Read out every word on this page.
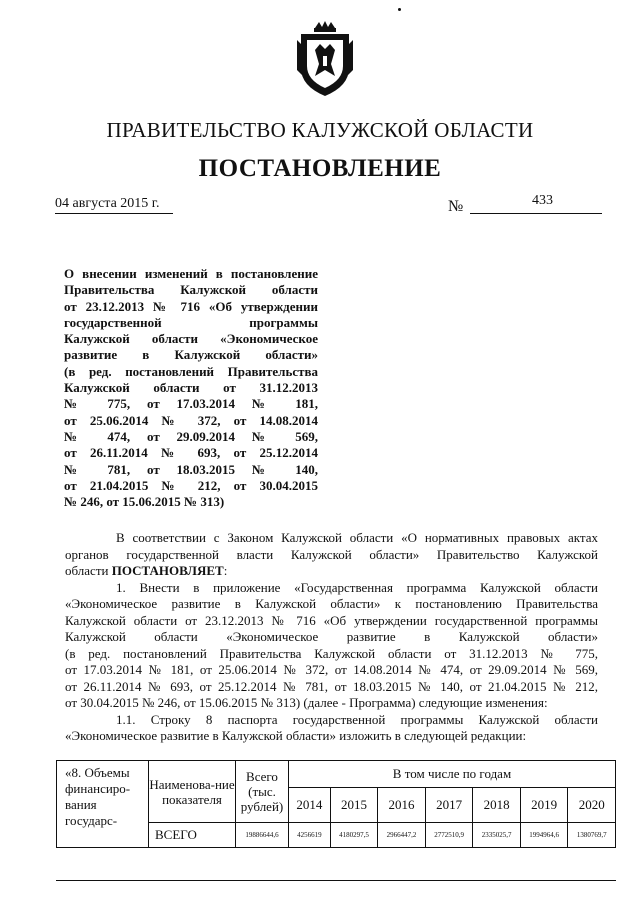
ПРАВИТЕЛЬСТВО КАЛУЖСКОЙ ОБЛАСТИ
ПОСТАНОВЛЕНИЕ
04 августа 2015 г.	№	433
О внесении изменений в постановление
Правительства Калужской области
от 23.12.2013 № 716 «Об утверждении
государственной программы
Калужской области «Экономическое
развитие в Калужской области»
(в ред. постановлений Правительства
Калужской области от 31.12.2013
№ 775, от 17.03.2014 № 181,
от 25.06.2014 № 372, от 14.08.2014
№ 474, от 29.09.2014 № 569,
от 26.11.2014 № 693, от 25.12.2014
№ 781, от 18.03.2015 № 140,
от 21.04.2015 № 212, от 30.04.2015
№ 246, от 15.06.2015 № 313)
В соответствии с Законом Калужской области «О нормативных правовых актах
органов государственной власти Калужской области» Правительство Калужской
области ПОСТАНОВЛЯЕТ:
1. Внести в приложение «Государственная программа Калужской области
«Экономическое развитие в Калужской области» к постановлению Правительства
Калужской области от 23.12.2013 № 716 «Об утверждении государственной программы
Калужской области «Экономическое развитие в Калужской области»
(в ред. постановлений Правительства Калужской области от 31.12.2013 № 775,
от 17.03.2014 № 181, от 25.06.2014 № 372, от 14.08.2014 № 474, от 29.09.2014 № 569,
от 26.11.2014 № 693, от 25.12.2014 № 781, от 18.03.2015 № 140, от 21.04.2015 № 212,
от 30.04.2015 № 246, от 15.06.2015 № 313) (далее - Программа) следующие изменения:
1.1. Строку 8 паспорта государственной программы Калужской области
«Экономическое развитие в Калужской области» изложить в следующей редакции:
«8. Объемы финансиро-вания государс-	Наименова-ние показателя	Всего (тыс. рублей)	В том числе по годам						
			2014	2015	2016	2017	2018	2019	2020
	ВСЕГО	19886644,6	4256619	4180297,5	2966447,2	2772510,9	2335025,7	1994964,6	1380769,7
